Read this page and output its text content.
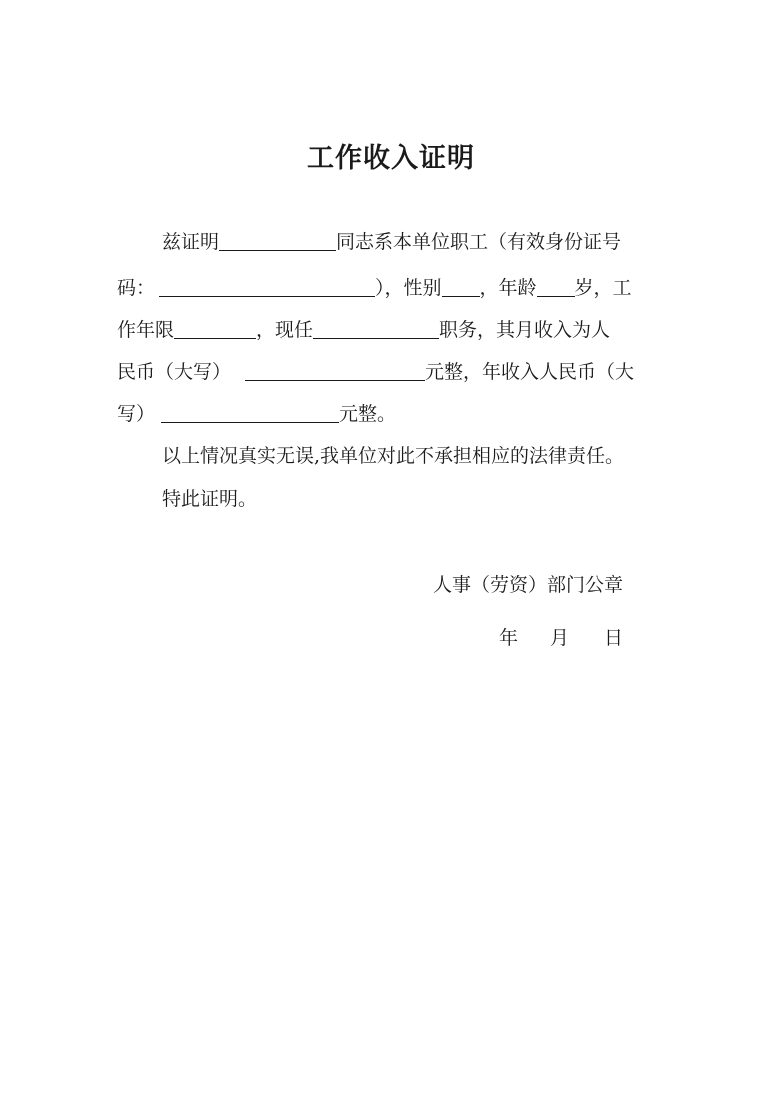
工作收入证明
兹证明	同志系本单位职工（有效身份证号
码：	），性别 ，年龄 岁，工
作年限	，现任	职务，其月收入为人
民币（大写）	元整，年收入人民币（大
写）	元整。
以上情况真实无误,我单位对此不承担相应的法律责任。
特此证明。
人事（劳资）部门公章
年 月 日
